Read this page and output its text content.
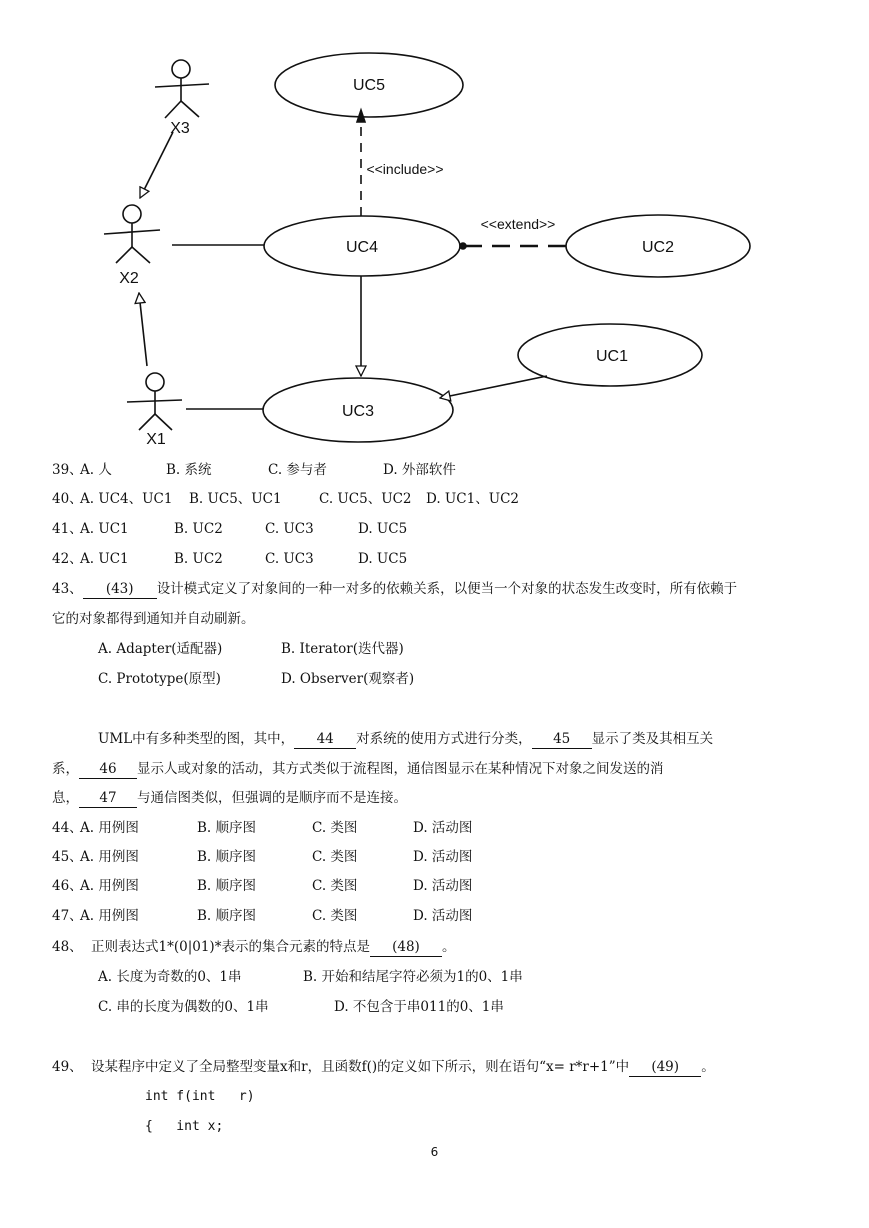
X3
X2
X1
UC5
UC4	UC2
UC1
UC3
<<include>>
<<extend>>
39、
A. 人	B. 系统	C. 参与者	D. 外部软件
40、
A. UC4、UC1 B. UC5、UC1	C. UC5、UC2 D. UC1、UC2
41、
A. UC1	B. UC2	C. UC3	D. UC5
42、
A. UC1	B. UC2	C. UC3	D. UC5
43、 (43) 设计模式定义了对象间的一种一对多的依赖关系，以便当一个对象的状态发生改变时，所有依赖于
它的对象都得到通知并自动刷新。
A. Adapter(适配器)	B. Iterator(迭代器)
C. Prototype(原型)	D. Observer(观察者)
UML中有多种类型的图，其中， 44 对系统的使用方式进行分类， 45 显示了类及其相互关
系， 46 显示人或对象的活动，其方式类似于流程图，通信图显示在某种情况下对象之间发送的消
息， 47 与通信图类似，但强调的是顺序而不是连接。
44、
A. 用例图	B. 顺序图	C. 类图	D. 活动图
45、
A. 用例图	B. 顺序图	C. 类图	D. 活动图
46、
A. 用例图	B. 顺序图	C. 类图	D. 活动图
47、
A. 用例图	B. 顺序图	C. 类图	D. 活动图
48、 正则表达式1*(0|01)*表示的集合元素的特点是 (48) 。
A. 长度为奇数的0、1串	B. 开始和结尾字符必须为1的0、1串
C. 串的长度为偶数的0、1串	D. 不包含于串011的0、1串
49、 设某程序中定义了全局整型变量x和r，且函数f()的定义如下所示，则在语句“x= r*r+1”中 (49) 。
int f(int   r)
{   int x;
6
